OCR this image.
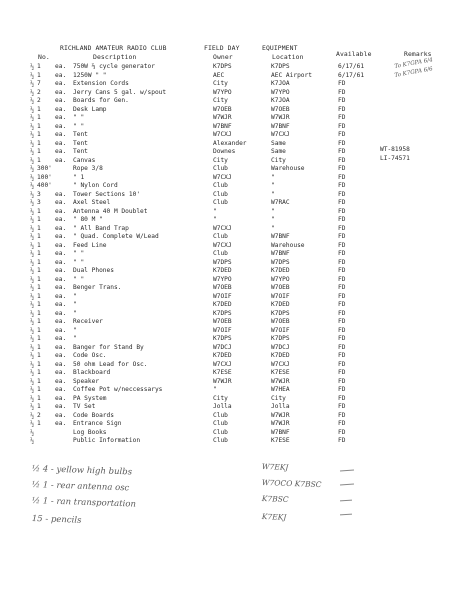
RICHLAND AMATEUR RADIO CLUB	FIELD DAY	EQUIPMENT
Available	Remarks
No.	Description	Owner	Location
To K7GPA 6/4
To K7GPA 6/6
WT-81958
LI-74571
½ 1 ea. 750W ⅔ cycle generator	K7DPS	K7DPS	6/17/61
½ 1 ea. 1250W " "	AEC	AEC Airport	6/17/61
½ 7 ea. Extension Cords	City	K7JOA	FD
½ 2 ea. Jerry Cans 5 gal. w/spout	W7YPO	W7YPO	FD
½ 2 ea. Boards for Gen.	City	K7JOA	FD
½ 1 ea. Desk Lamp	W7OEB	W7OEB	FD
½ 1 ea. " "	W7WJR	W7WJR	FD
½ 1 ea. " "	W7BNF	W7BNF	FD
½ 1 ea. Tent	W7CXJ	W7CXJ	FD
½ 1 ea. Tent	Alexander	Same	FD
½ 1 ea. Tent	Downes	Same	FD
½ 1 ea. Canvas	City	City	FD
½ 300'	Rope 3/8	Club	Warehouse	FD
½ 100'	" 1	W7CXJ	"	FD
½ 400'	" Nylon Cord	Club	"	FD
½ 3 ea. Tower Sections 10'	Club	"	FD
½ 3 ea. Axel Steel	Club	W7RAC	FD
½ 1 ea. Antenna 40 M Doublet	"	"	FD
½ 1 ea. " 80 M "	"	"	FD
½ 1 ea. " All Band Trap	W7CXJ	"	FD
½ 1 ea. " Quad. Complete W/Lead	Club	W7BNF	FD
½ 1 ea. Feed Line	W7CXJ	Warehouse	FD
½ 1 ea. " "	Club	W7BNF	FD
½ 1 ea. " "	W7DPS	W7DPS	FD
½ 1 ea. Dual Phones	K7DED	K7DED	FD
½ 1 ea. " "	W7YPO	W7YPO	FD
½ 1 ea. Benger Trans.	W7OEB	W7OEB	FD
½ 1 ea. "	W7OIF	W7OIF	FD
½ 1 ea. "	K7DED	K7DED	FD
½ 1 ea. "	K7DPS	K7DPS	FD
½ 1 ea. Receiver	W7OEB	W7OEB	FD
½ 1 ea. "	W7OIF	W7OIF	FD
½ 1 ea. "	K7DPS	K7DPS	FD
½ 1 ea. Banger for Stand By	W7DCJ	W7DCJ	FD
½ 1 ea. Code Osc.	K7DED	K7DED	FD
½ 1 ea. 50 ohm Lead for Osc.	W7CXJ	W7CXJ	FD
½ 1 ea. Blackboard	K7ESE	K7ESE	FD
½ 1 ea. Speaker	W7WJR	W7WJR	FD
½ 1 ea. Coffee Pot w/neccessarys	"	W7HEA	FD
½ 1 ea. PA System	City	City	FD
½ 1 ea. TV Set	Jolla	Jolla	FD
½ 2 ea. Code Boards	Club	W7WJR	FD
½ 1 ea. Entrance Sign	Club	W7WJR	FD
½	Log Books	Club	W7BNF	FD
½	Public Information	Club	K7ESE	FD
½ 4 - yellow high bulbs	W7EKJ
½ 1 - rear antenna osc	W7OCO K7BSC
½ 1 - ran transportation	K7BSC
15 - pencils	K7EKJ
